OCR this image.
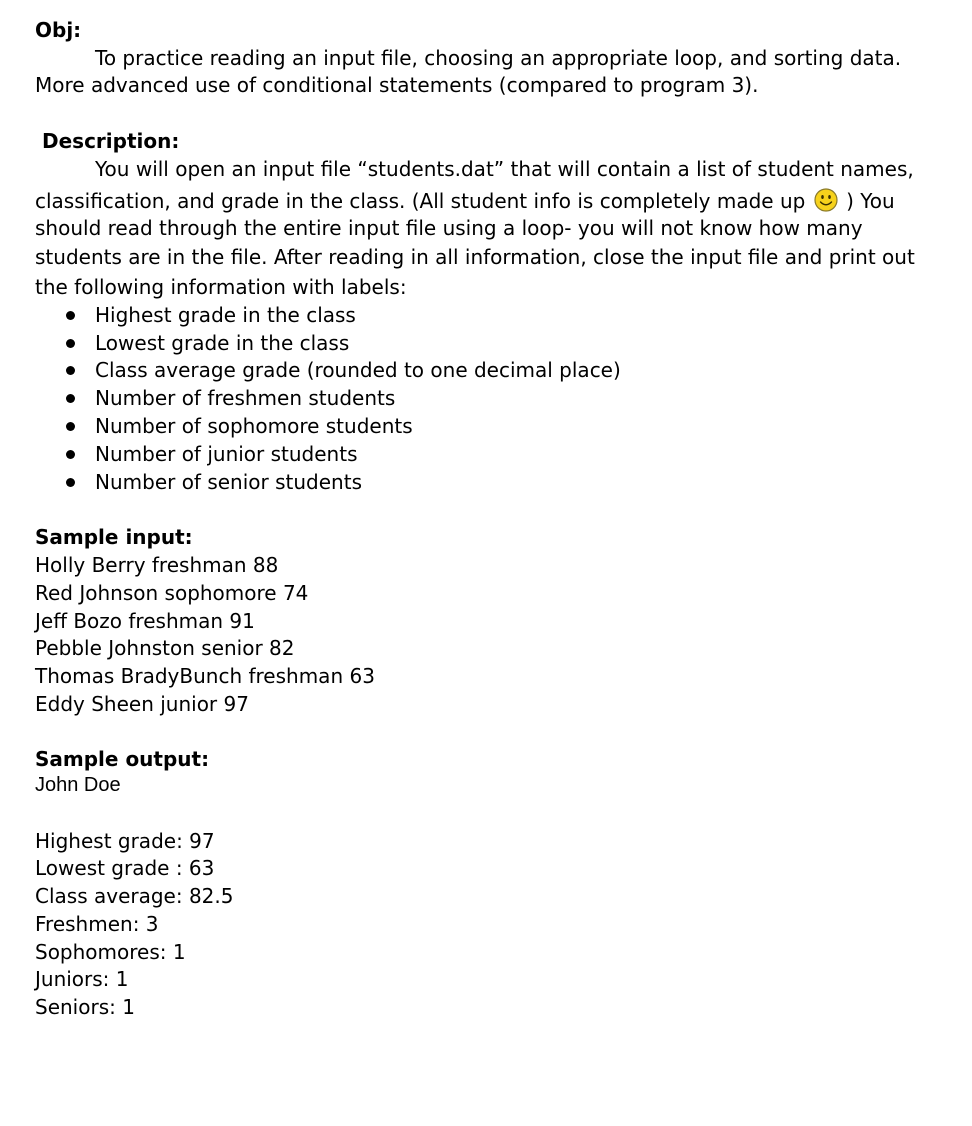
Obj:
To practice reading an input file, choosing an appropriate loop, and sorting data.
More advanced use of conditional statements (compared to program 3).
Description:
You will open an input file “students.dat” that will contain a list of student names,
classification, and grade in the class. (All student info is completely made up ) You
should read through the entire input file using a loop- you will not know how many
students are in the file. After reading in all information, close the input file and print out
the following information with labels:
Highest grade in the class
Lowest grade in the class
Class average grade (rounded to one decimal place)
Number of freshmen students
Number of sophomore students
Number of junior students
Number of senior students
Sample input:
Holly Berry freshman 88
Red Johnson sophomore 74
Jeff Bozo freshman 91
Pebble Johnston senior 82
Thomas BradyBunch freshman 63
Eddy Sheen junior 97
Sample output:
John Doe
Highest grade: 97
Lowest grade : 63
Class average: 82.5
Freshmen: 3
Sophomores: 1
Juniors: 1
Seniors: 1
